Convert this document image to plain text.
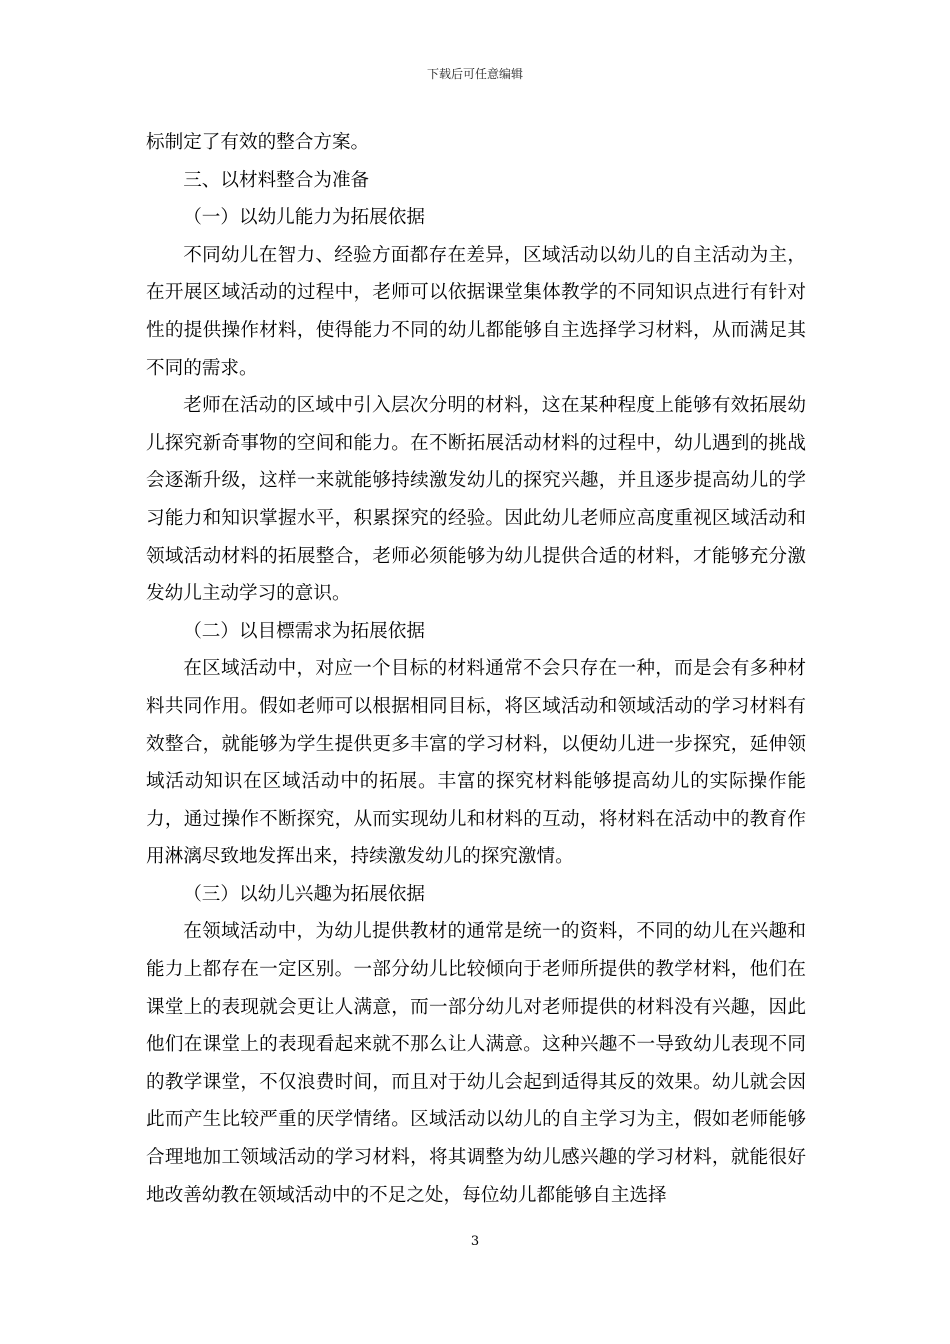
下载后可任意编辑

标制定了有效的整合方案。

三、以材料整合为准备

（一）以幼儿能力为拓展依据

不同幼儿在智力、经验方面都存在差异，区域活动以幼儿的自主活动为主，在开展区域活动的过程中，老师可以依据课堂集体教学的不同知识点进行有针对性的提供操作材料，使得能力不同的幼儿都能够自主选择学习材料，从而满足其不同的需求。

老师在活动的区域中引入层次分明的材料，这在某种程度上能够有效拓展幼儿探究新奇事物的空间和能力。在不断拓展活动材料的过程中，幼儿遇到的挑战会逐渐升级，这样一来就能够持续激发幼儿的探究兴趣，并且逐步提高幼儿的学习能力和知识掌握水平，积累探究的经验。因此幼儿老师应高度重视区域活动和领域活动材料的拓展整合，老师必须能够为幼儿提供合适的材料，才能够充分激发幼儿主动学习的意识。

（二）以目標需求为拓展依据

在区域活动中，对应一个目标的材料通常不会只存在一种，而是会有多种材料共同作用。假如老师可以根据相同目标，将区域活动和领域活动的学习材料有效整合，就能够为学生提供更多丰富的学习材料，以便幼儿进一步探究，延伸领域活动知识在区域活动中的拓展。丰富的探究材料能够提高幼儿的实际操作能力，通过操作不断探究，从而实现幼儿和材料的互动，将材料在活动中的教育作用淋漓尽致地发挥出来，持续激发幼儿的探究激情。

（三）以幼儿兴趣为拓展依据

在领域活动中，为幼儿提供教材的通常是统一的资料，不同的幼儿在兴趣和能力上都存在一定区别。一部分幼儿比较倾向于老师所提供的教学材料，他们在课堂上的表现就会更让人满意，而一部分幼儿对老师提供的材料没有兴趣，因此他们在课堂上的表现看起来就不那么让人满意。这种兴趣不一导致幼儿表现不同的教学课堂，不仅浪费时间，而且对于幼儿会起到适得其反的效果。幼儿就会因此而产生比较严重的厌学情绪。区域活动以幼儿的自主学习为主，假如老师能够合理地加工领域活动的学习材料，将其调整为幼儿感兴趣的学习材料，就能很好地改善幼教在领域活动中的不足之处，每位幼儿都能够自主选择

3
